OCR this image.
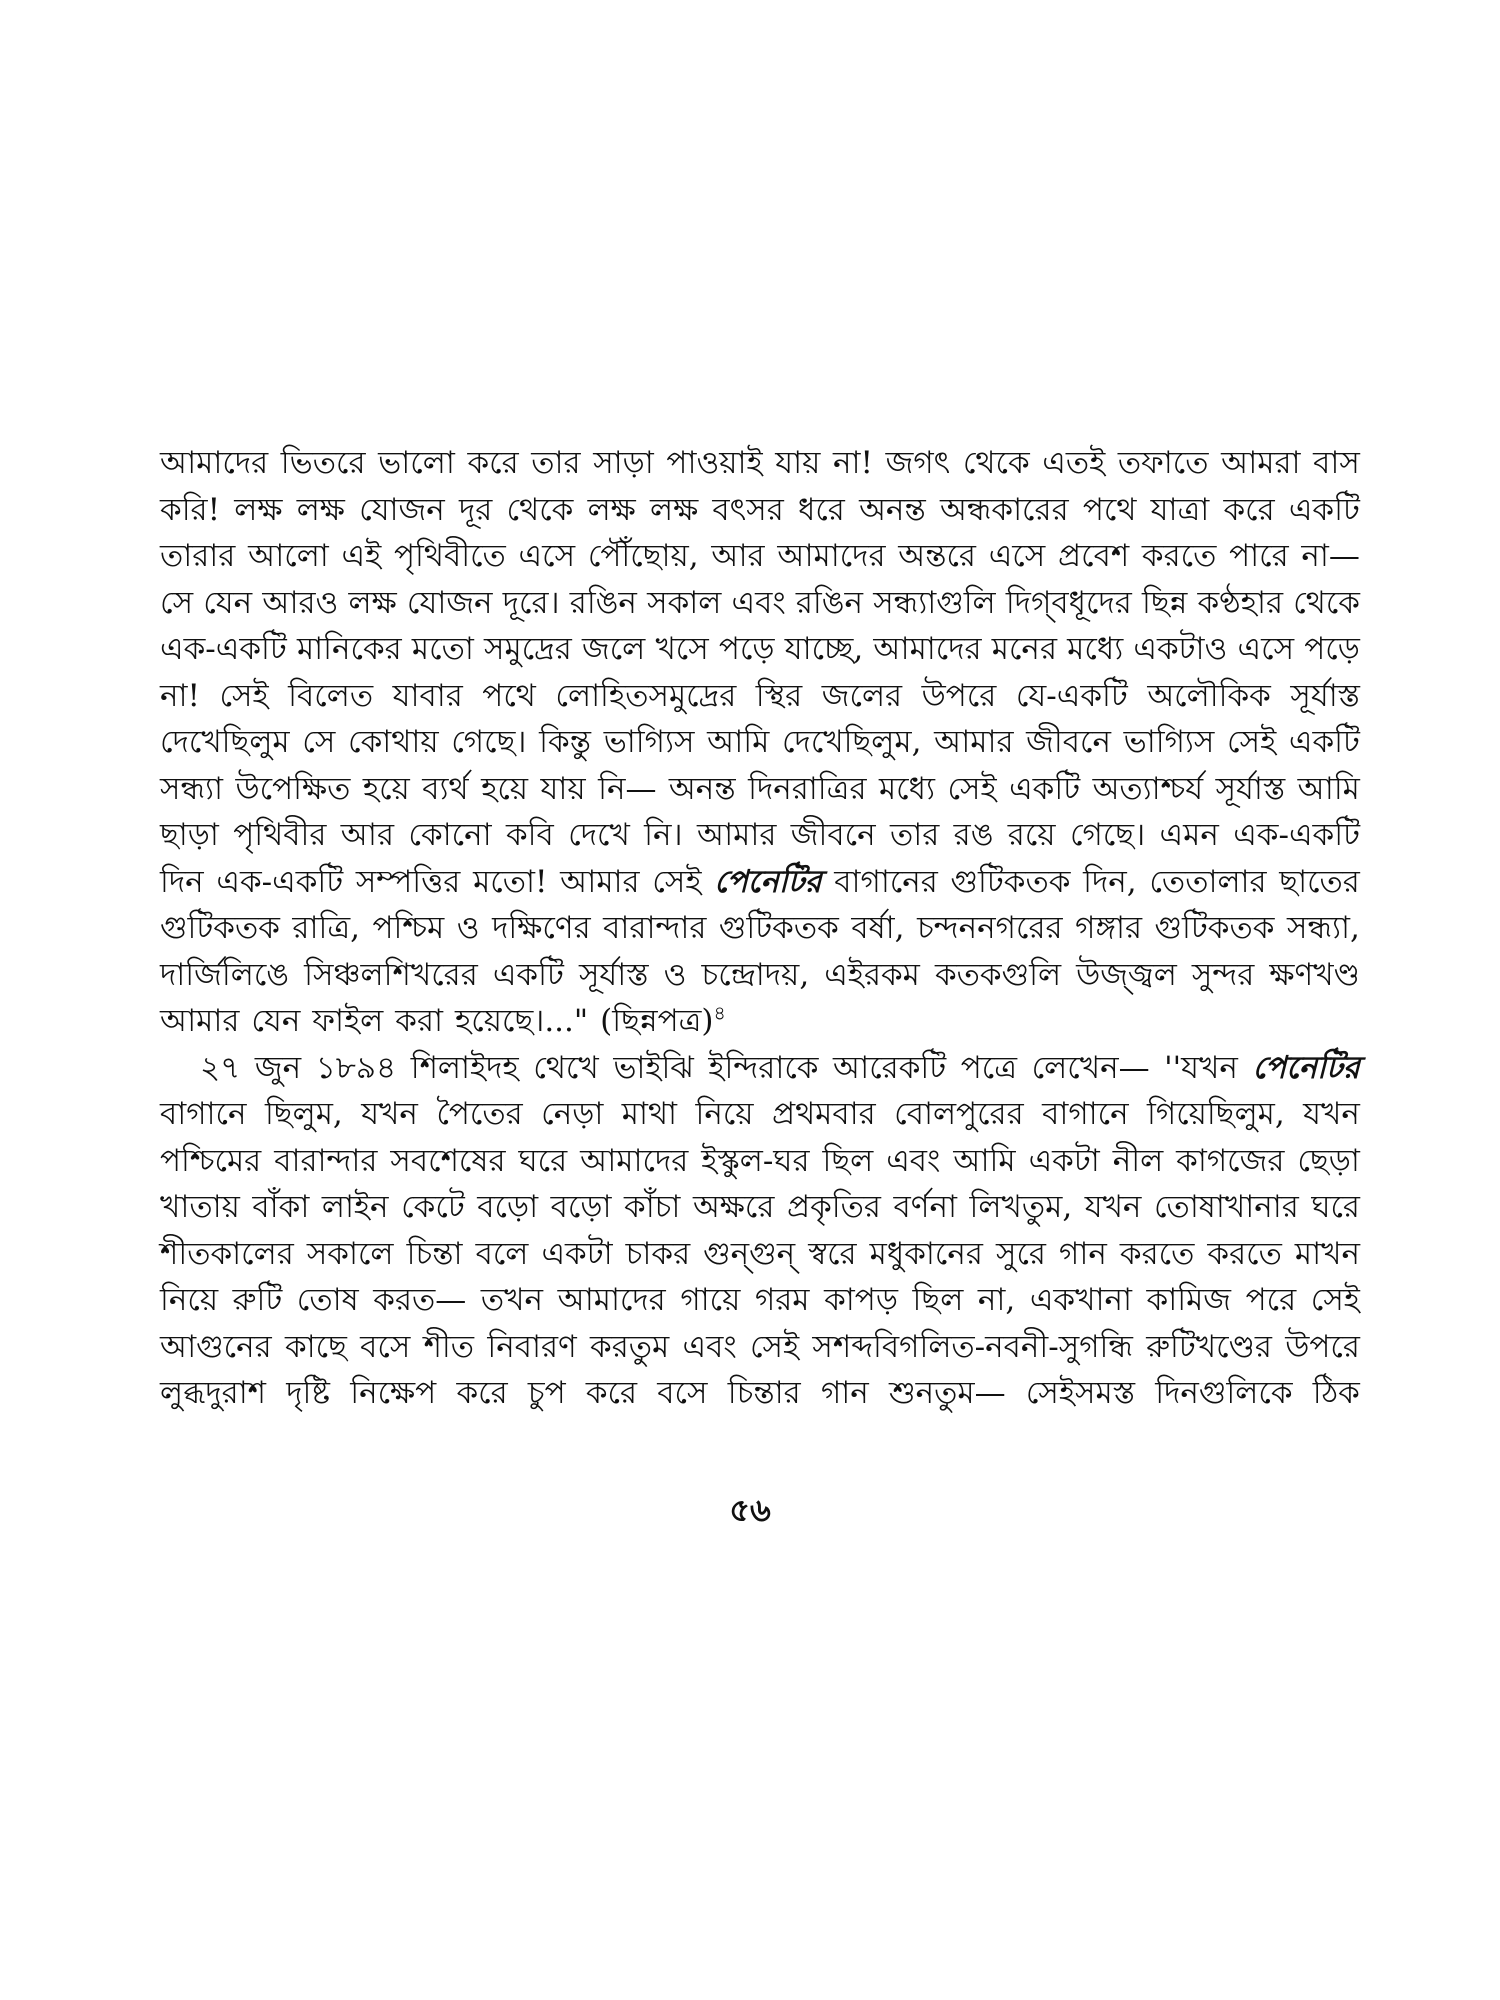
আমাদের ভিতরে ভালো করে তার সাড়া পাওয়াই যায় না! জগৎ থেকে এতই তফাতে আমরা বাস
করি! লক্ষ লক্ষ যোজন দূর থেকে লক্ষ লক্ষ বৎসর ধরে অনন্ত অন্ধকারের পথে যাত্রা করে একটি
তারার আলো এই পৃথিবীতে এসে পৌঁছোয়, আর আমাদের অন্তরে এসে প্রবেশ করতে পারে না—
সে যেন আরও লক্ষ যোজন দূরে। রঙিন সকাল এবং রঙিন সন্ধ্যাগুলি দিগ্‌বধূদের ছিন্ন কণ্ঠহার থেকে
এক-একটি মানিকের মতো সমুদ্রের জলে খসে পড়ে যাচ্ছে, আমাদের মনের মধ্যে একটাও এসে পড়ে
না! সেই বিলেত যাবার পথে লোহিতসমুদ্রের স্থির জলের উপরে যে-একটি অলৌকিক সূর্যাস্ত
দেখেছিলুম সে কোথায় গেছে। কিন্তু ভাগ্যিস আমি দেখেছিলুম, আমার জীবনে ভাগ্যিস সেই একটি
সন্ধ্যা উপেক্ষিত হয়ে ব্যর্থ হয়ে যায় নি— অনন্ত দিনরাত্রির মধ্যে সেই একটি অত্যাশ্চর্য সূর্যাস্ত আমি
ছাড়া পৃথিবীর আর কোনো কবি দেখে নি। আমার জীবনে তার রঙ রয়ে গেছে। এমন এক-একটি
দিন এক-একটি সম্পত্তির মতো! আমার সেই পেনেটির বাগানের গুটিকতক দিন, তেতালার ছাতের
গুটিকতক রাত্রি, পশ্চিম ও দক্ষিণের বারান্দার গুটিকতক বর্ষা, চন্দননগরের গঙ্গার গুটিকতক সন্ধ্যা,
দার্জিলিঙে সিঞ্চলশিখরের একটি সূর্যাস্ত ও চন্দ্রোদয়, এইরকম কতকগুলি উজ্জ্বল সুন্দর ক্ষণখণ্ড
আমার যেন ফাইল করা হয়েছে।..." (ছিন্নপত্র)$^৪$
২৭ জুন ১৮৯৪ শিলাইদহ থেখে ভাইঝি ইন্দিরাকে আরেকটি পত্রে লেখেন— ''যখন পেনেটির
বাগানে ছিলুম, যখন পৈতের নেড়া মাথা নিয়ে প্রথমবার বোলপুরের বাগানে গিয়েছিলুম, যখন
পশ্চিমের বারান্দার সবশেষের ঘরে আমাদের ইস্কুল-ঘর ছিল এবং আমি একটা নীল কাগজের ছেড়া
খাতায় বাঁকা লাইন কেটে বড়ো বড়ো কাঁচা অক্ষরে প্রকৃতির বর্ণনা লিখতুম, যখন তোষাখানার ঘরে
শীতকালের সকালে চিন্তা বলে একটা চাকর গুন্‌গুন্ স্বরে মধুকানের সুরে গান করতে করতে মাখন
নিয়ে রুটি তোষ করত— তখন আমাদের গায়ে গরম কাপড় ছিল না, একখানা কামিজ পরে সেই
আগুনের কাছে বসে শীত নিবারণ করতুম এবং সেই সশব্দবিগলিত-নবনী-সুগন্ধি রুটিখণ্ডের উপরে
লুব্ধদুরাশ দৃষ্টি নিক্ষেপ করে চুপ করে বসে চিন্তার গান শুনতুম— সেইসমস্ত দিনগুলিকে ঠিক
৫৬
